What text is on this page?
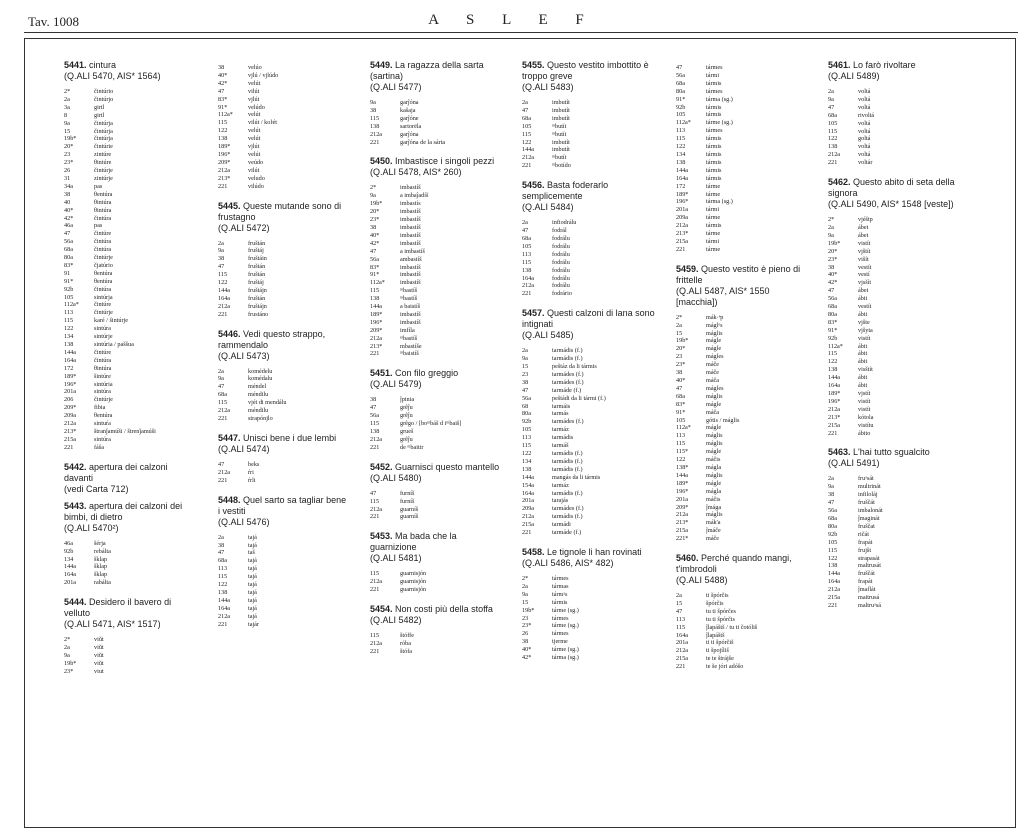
Tav. 1008	A S L E F
5441. cintura
(Q.ALI 5470, AIS* 1564)
2*	čintúrio
2a	čintúrjo
3a	girtl
8	girtl
9a	čintúrja
15	čintúrja
19b*	čintúrja
20*	čintúrie
23	zintúre
23*	θintúre
26	čintúrje
31	zintúrje
34a	pas
38	θentúra
40	θintúra
40*	θintúra
42*	čintúra
46a	pas
47	čintúre
56a	čintúra
68a	čintúra
80a	čintúrje
83*	čjatúrio
91	θentúra
91*	θentúra
92b	čintúra
105	sintúrja
112a*	čintúre
113	čintúrje
115	karé / šintúrje
122	sintúra
134	sintúrje
138	sintúria / paššua
144a	čintúre
164a	čintúra
172	θintúra
189*	šintúre
196*	sintúria
201a	sintúra
206	čintúrje
209*	fibia
209a	θentúra
212a	sintuŕa
213*	štranǰamúši / štrenǰamúši
215a	sintúra
221	fáša
5442. apertura dei calzoni davanti
(vedi Carta 712)
5443. apertura dei calzoni dei bimbi, di dietro
(Q.ALI 5470²)
46a	šérja
92b	rebálta
134	šklap
144a	šklap
164a	šklap
201a	rabálta
5444. Desidero il bavero di velluto
(Q.ALI 5471, AIS* 1517)
2*	viŭt
2a	viŭt
9a	viŭt
19b*	viŭt
23*	viut
38	velúo
40*	vjlú / vjlúdo
42*	velút
47	vilút
83*	vjlút
91*	velúdo
112a*	velút
115	vilút / koŀét
122	velút
138	velút
189*	vjlút
196*	velút
209*	veúdo
212a	vilút
213*	veludo
221	vilúdo
5445. Queste mutande sono di frustagno
(Q.ALI 5472)
2a	fruštán
9a	fruštáj
38	fruštáin
47	fruštán
115	fruštán
122	fruštáj
144a	fruštájn
164a	fruštán
212a	fruštájn
221	frustáno
5446. Vedi questo strappo, rammendalo
(Q.ALI 5473)
2a	komédelu
9a	komédalu
47	méndel
68a	méndilu
115	vjét di mendálu
212a	méndilu
221	strapónjlo
5447. Unisci bene i due lembi
(Q.ALI 5474)
47	beks
212a	ŕri
221	ŕrli
5448. Quel sarto sa tagliar bene i vestiti
(Q.ALI 5476)
2a	tajá
38	tajá
47	taš
68a	tajá
113	tajá
115	tajá
122	tajá
138	tajá
144a	tajá
164a	tajá
212a	tajá
221	tajár
5449. La ragazza della sarta (sartina)
(Q.ALI 5477)
9a	garĵóna
38	kašaja
115	garĵóne
138	sartorēla
212a	garĵóna
221	garĵóna de la sárta
5450. Imbastisce i singoli pezzi
(Q.ALI 5478, AIS* 260)
2*	imbastíš
9a	a imbaĵadíš
19b*	imbastís
20*	imbastíš
23*	imbastíš
38	imbastíš
40*	imbastíš
42*	imbastíš
47	a imbastíš
56a	ambastíš
83*	imbastíš
91*	imbastíš
112a*	imbastíš
115	ᵐbastíš
138	ᵐbastíš
144a	a baistíš
189*	imbastíš
196*	imbastíš
209*	imfíla
212a	ᵐbastíš
213*	mbastíše
221	ᵐbaistíš
5451. Con filo greggio
(Q.ALI 5479)
38	ĵpinia
47	grḗĵu
56a	grḗĵu
115	grḗgo / [boᵐbáš d iᵐbaiš]
138	grueš
212a	grḗĵu
221	de ᵐbaitir
5452. Guarnisci questo mantello
(Q.ALI 5480)
47	furníš
115	furníš
212a	guarníš
221	guarníš
5453. Ma bada che la guarnizione
(Q.ALI 5481)
115	guarnisjón
212a	guarnisjón
221	guarnisjón
5454. Non costi più della stoffa
(Q.ALI 5482)
115	štóffe
212a	róba
221	štófa
5455. Questo vestito imbottito è troppo greve
(Q.ALI 5483)
2a	imbutít
47	imbutít
68a	imbutít
105	ᵐbutít
115	ᵐbutít
122	imbutít
144a	imbutít
212a	ᵐbutít
221	ᵐbotído
5456. Basta foderarlo semplicemente
(Q.ALI 5484)
2a	infiodrálu
47	fodrál
68a	fodrálu
105	fodrálu
113	fodrálu
115	fodrálu
138	fodrálu
164a	fodrálu
212a	fodrálu
221	fodrário
5457. Questi calzoni di lana sono intignati
(Q.ALI 5485)
2a	tarmádis (f.)
9a	tarmádis (f.)
15	peštáz da li tármis
23	tarmádes (f.)
38	tarmádes (f.)
47	tarmáde (f.)
56a	peštádi da li tármi (f.)
68	tarmáis
80a	tarmás
92b	tarmádes (f.)
105	tarmáz
113	tarmádis
115	tarmáš
122	tarmádis (f.)
134	tarmádis (f.)
138	tarmádis (f.)
144a	mangás da li tármis
154a	tarmáz
164a	tarmádis (f.)
201a	tarajás
209a	tarmádes (f.)
212a	tarmádis (f.)
215a	tarmádi
221	tarmáde (f.)
5458. Le tignole li han rovinati
(Q.ALI 5486, AIS* 482)
2*	tármes
2a	tármas
9a	tármᵃs
15	tármis
19b*	tárme (sg.)
23	tármes
23*	tárme (sg.)
26	tármes
38	tjerme
40*	tárme (sg.)
42*	tárma (sg.)
47	tármes
56a	tármi
68a	tármis
80a	tármes
91*	tárma (sg.)
92b	tármis
105	tármis
112a*	tárme (sg.)
113	tármes
115	tármis
122	tármis
134	tármis
138	tármis
144a	tármis
164a	tármis
172	tárme
189*	tárme
196*	tárma (sg.)
201a	tármi
209a	tárme
212a	tármis
213*	tárme
215a	tármi
221	tárme
5459. Questo vestito è pieno di frittelle
(Q.ALI 5487, AIS* 1550 [macchia])
2*	mák·ᵉp
2a	máglᵒs
15	máglis
19b*	mágle
20*	mágle
23	mágles
23*	máče
38	máče
40*	máča
47	mágles
68a	máglis
83*	mágle
91*	máča
105	gótis / máglis
112a*	mágle
113	máglis
115	máglis
115*	mágle
122	máčis
138*	mágla
144a	máglis
189*	mágle
196*	mágla
201a	máčis
209*	ĵmága
212a	máglis
213*	mák'a
215a	ĵmáče
221*	máče
5460. Perché quando mangi, t'imbrodoli
(Q.ALI 5488)
2a	ti špórčis
15	špórčis
47	tu ti špórčes
113	tu ti špórčis
115	ĵlapáštš / tu ti čotóliš
164a	ĵlapáštš
201a	ti ti špórčiš
212a	ti špojíliš
215a	te te štrájše
221	te še jóri adóšo
5461. Lo farò rivoltare
(Q.ALI 5489)
2a	voltá
9a	voltá
47	voltá
68a	rivoltá
105	voltá
115	voltá
122	goltá
138	voltá
212a	voltá
221	voltár
5462. Questo abito di seta della signora
(Q.ALI 5490, AIS* 1548 [veste])
2*	vjéštp
2a	ábet
9a	ábet
19b*	vistít
20*	vjštít
23*	višít
38	vestít
40*	vestí
42*	vjsšít
47	ábet
56a	ábit
68a	vestít
80a	ábit
83*	vjšte
91*	vjšyta
92b	vistít
112a*	ábit
115	ábit
122	ábit
138	visštít
144a	ábit
164a	ábit
189*	vjstít
196*	vistít
212a	vistít
213*	kótola
215a	vistítu
221	ábito
5463. L'hai tutto sgualcito
(Q.ALI 5491)
2a	fruᵃsát
9a	multrinát
38	infiloláj
47	fruščát
56a	imbalonát
68a	ĵmaginát
80a	fruščat
92b	ričát
105	frapát
115	frujšt
122	strapasát
138	maltrusát
144a	fruščát
164a	frapát
212a	ĵmaflát
215a	maitrusá
221	maltruᵃsá
